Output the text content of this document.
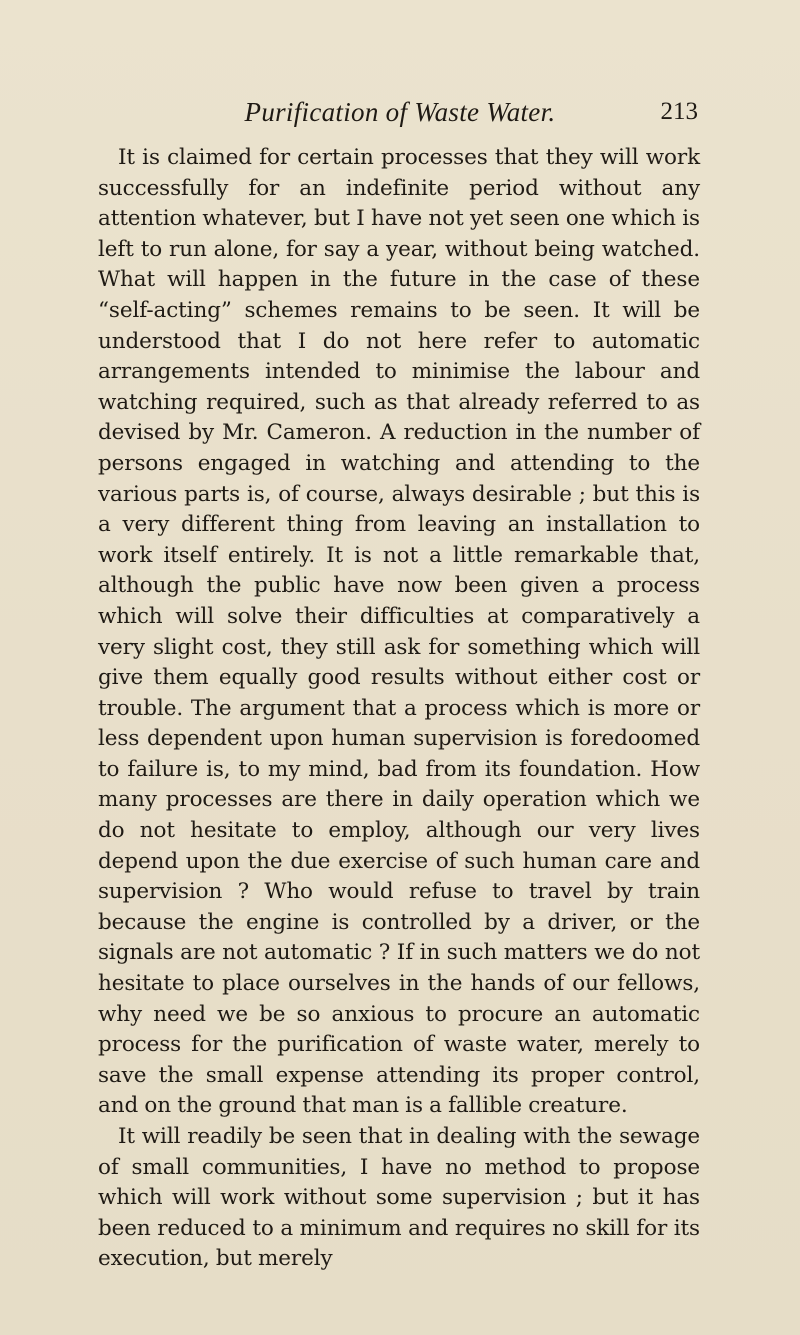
Purification of Waste Water.	213

It is claimed for certain processes that they will work successfully for an indefinite period without any attention whatever, but I have not yet seen one which is left to run alone, for say a year, without being watched. What will happen in the future in the case of these “self-acting” schemes remains to be seen. It will be understood that I do not here refer to automatic arrangements intended to minimise the labour and watching required, such as that already referred to as devised by Mr. Cameron. A reduction in the number of persons engaged in watching and attending to the various parts is, of course, always desirable ; but this is a very different thing from leaving an installation to work itself entirely. It is not a little remarkable that, although the public have now been given a process which will solve their difficulties at comparatively a very slight cost, they still ask for something which will give them equally good results without either cost or trouble. The argument that a process which is more or less dependent upon human supervision is foredoomed to failure is, to my mind, bad from its foundation. How many processes are there in daily operation which we do not hesitate to employ, although our very lives depend upon the due exercise of such human care and supervision ? Who would refuse to travel by train because the engine is controlled by a driver, or the signals are not automatic ? If in such matters we do not hesitate to place ourselves in the hands of our fellows, why need we be so anxious to procure an automatic process for the purification of waste water, merely to save the small expense attending its proper control, and on the ground that man is a fallible creature.

It will readily be seen that in dealing with the sewage of small communities, I have no method to propose which will work without some supervision ; but it has been reduced to a minimum and requires no skill for its execution, but merely
